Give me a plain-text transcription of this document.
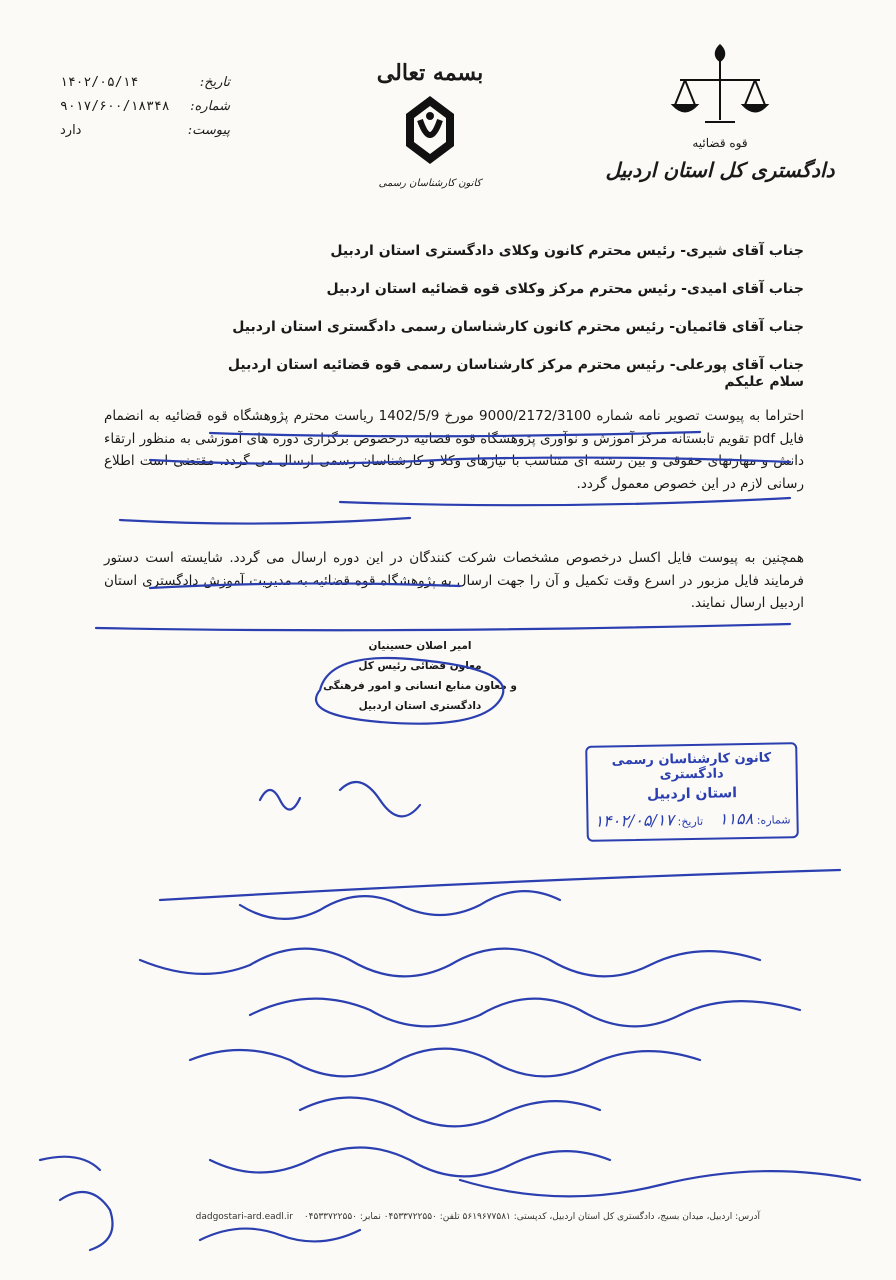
تاریخ:
۱۴۰۲/۰۵/۱۴
شماره:
۹۰۱۷/۶۰۰/۱۸۳۴۸
پیوست:
دارد
بسمه تعالی
کانون کارشناسان رسمی
قوه قضائیه
دادگستری کل استان اردبیل
جناب آقای شیری- رئیس محترم کانون وکلای دادگستری استان اردبیل
جناب آقای امیدی- رئیس محترم مرکز وکلای قوه قضائیه استان اردبیل
جناب آقای قائمیان- رئیس محترم کانون کارشناسان رسمی دادگستری استان اردبیل
جناب آقای پورعلی- رئیس محترم مرکز کارشناسان رسمی قوه قضائیه استان اردبیل
سلام علیکم
احتراما به پیوست تصویر نامه شماره 9000/2172/3100 مورخ 1402/5/9 ریاست محترم پژوهشگاه قوه قضائیه به انضمام فایل pdf تقویم تابستانه مرکز آموزش و نوآوری پژوهشگاه قوه قضائیه درخصوص برگزاری دوره های آموزشی به منظور ارتقاء دانش و مهارتهای حقوقی و بین رشته ای متناسب با نیازهای وکلا و کارشناسان رسمی ارسال می گردد. مقتضی است اطلاع رسانی لازم در این خصوص معمول گردد.
همچنین به پیوست فایل اکسل درخصوص مشخصات شرکت کنندگان در این دوره ارسال می گردد. شایسته است دستور فرمایند فایل مزبور در اسرع وقت تکمیل و آن را جهت ارسال به پژوهشگاه قوه قضائیه به مدیریت آموزش دادگستری استان اردبیل ارسال نمایند.
امیر اصلان حسینیان
معاون قضائی رئیس کل
و معاون منابع انسانی و امور فرهنگی دادگستری استان اردبیل
کانون کارشناسان رسمی دادگستری
استان اردبیل
شماره: ۱۱۵۸
تاریخ: ۱۴۰۲/۰۵/۱۷
آدرس: اردبیل، میدان بسیج، دادگستری کل استان اردبیل، کدپستی: ۵۶۱۹۶۷۷۵۸۱ تلفن: ۰۴۵۳۳۷۲۲۵۵۰ نمابر: ۰۴۵۳۳۷۲۲۵۵۰ dadgostari-ard.eadl.ir
